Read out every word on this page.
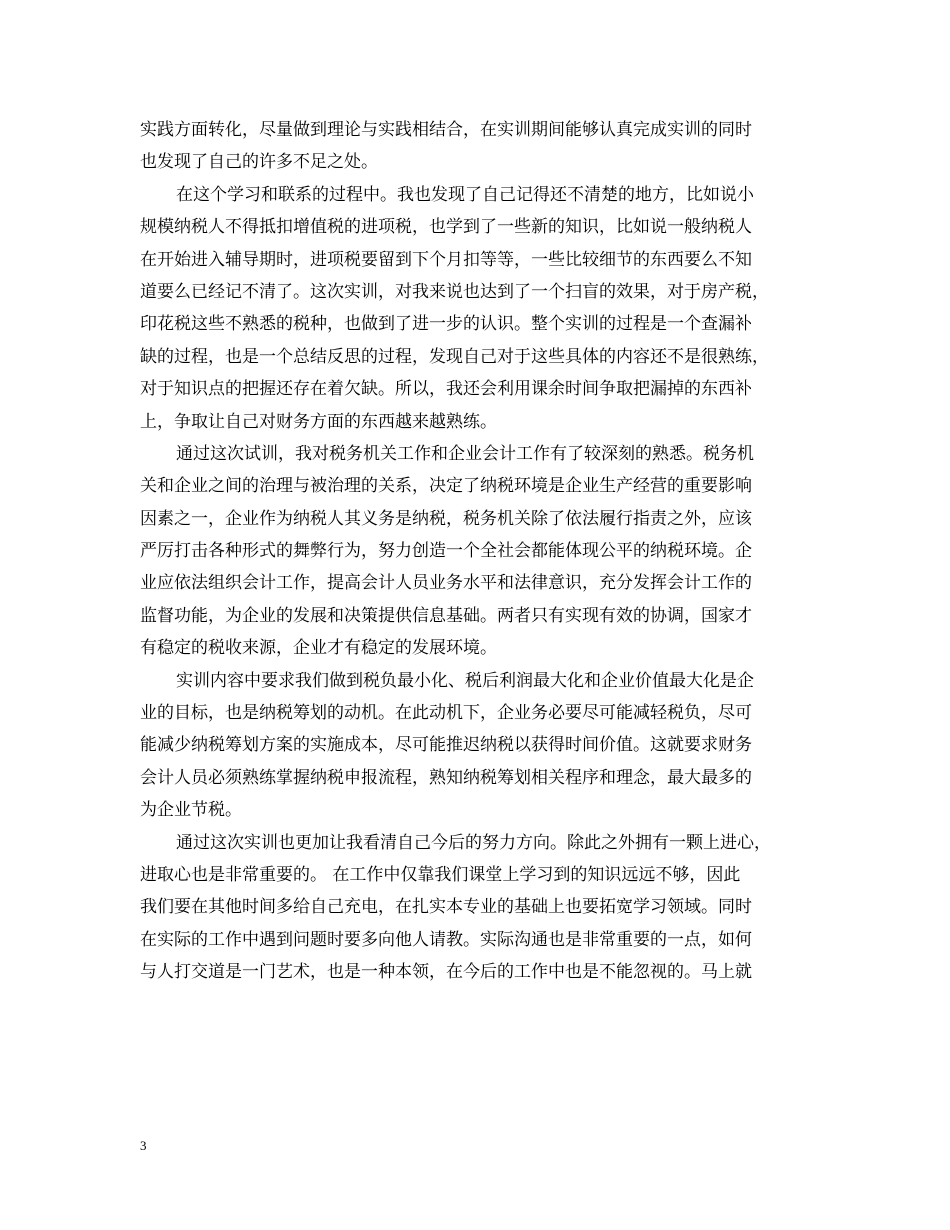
实践方面转化，尽量做到理论与实践相结合，在实训期间能够认真完成实训的同时
也发现了自己的许多不足之处。
在这个学习和联系的过程中。我也发现了自己记得还不清楚的地方，比如说小
规模纳税人不得抵扣增值税的进项税，也学到了一些新的知识，比如说一般纳税人
在开始进入辅导期时，进项税要留到下个月扣等等，一些比较细节的东西要么不知
道要么已经记不清了。这次实训，对我来说也达到了一个扫盲的效果，对于房产税，
印花税这些不熟悉的税种，也做到了进一步的认识。整个实训的过程是一个查漏补
缺的过程，也是一个总结反思的过程，发现自己对于这些具体的内容还不是很熟练，
对于知识点的把握还存在着欠缺。所以，我还会利用课余时间争取把漏掉的东西补
上，争取让自己对财务方面的东西越来越熟练。
通过这次试训，我对税务机关工作和企业会计工作有了较深刻的熟悉。税务机
关和企业之间的治理与被治理的关系，决定了纳税环境是企业生产经营的重要影响
因素之一，企业作为纳税人其义务是纳税，税务机关除了依法履行指责之外，应该
严厉打击各种形式的舞弊行为，努力创造一个全社会都能体现公平的纳税环境。企
业应依法组织会计工作，提高会计人员业务水平和法律意识，充分发挥会计工作的
监督功能，为企业的发展和决策提供信息基础。两者只有实现有效的协调，国家才
有稳定的税收来源，企业才有稳定的发展环境。
实训内容中要求我们做到税负最小化、税后利润最大化和企业价值最大化是企
业的目标，也是纳税筹划的动机。在此动机下，企业务必要尽可能减轻税负，尽可
能减少纳税筹划方案的实施成本，尽可能推迟纳税以获得时间价值。这就要求财务
会计人员必须熟练掌握纳税申报流程，熟知纳税筹划相关程序和理念，最大最多的
为企业节税。
通过这次实训也更加让我看清自己今后的努力方向。除此之外拥有一颗上进心，
进取心也是非常重要的。 在工作中仅靠我们课堂上学习到的知识远远不够，因此
我们要在其他时间多给自己充电，在扎实本专业的基础上也要拓宽学习领域。同时
在实际的工作中遇到问题时要多向他人请教。实际沟通也是非常重要的一点，如何
与人打交道是一门艺术，也是一种本领，在今后的工作中也是不能忽视的。马上就
3
